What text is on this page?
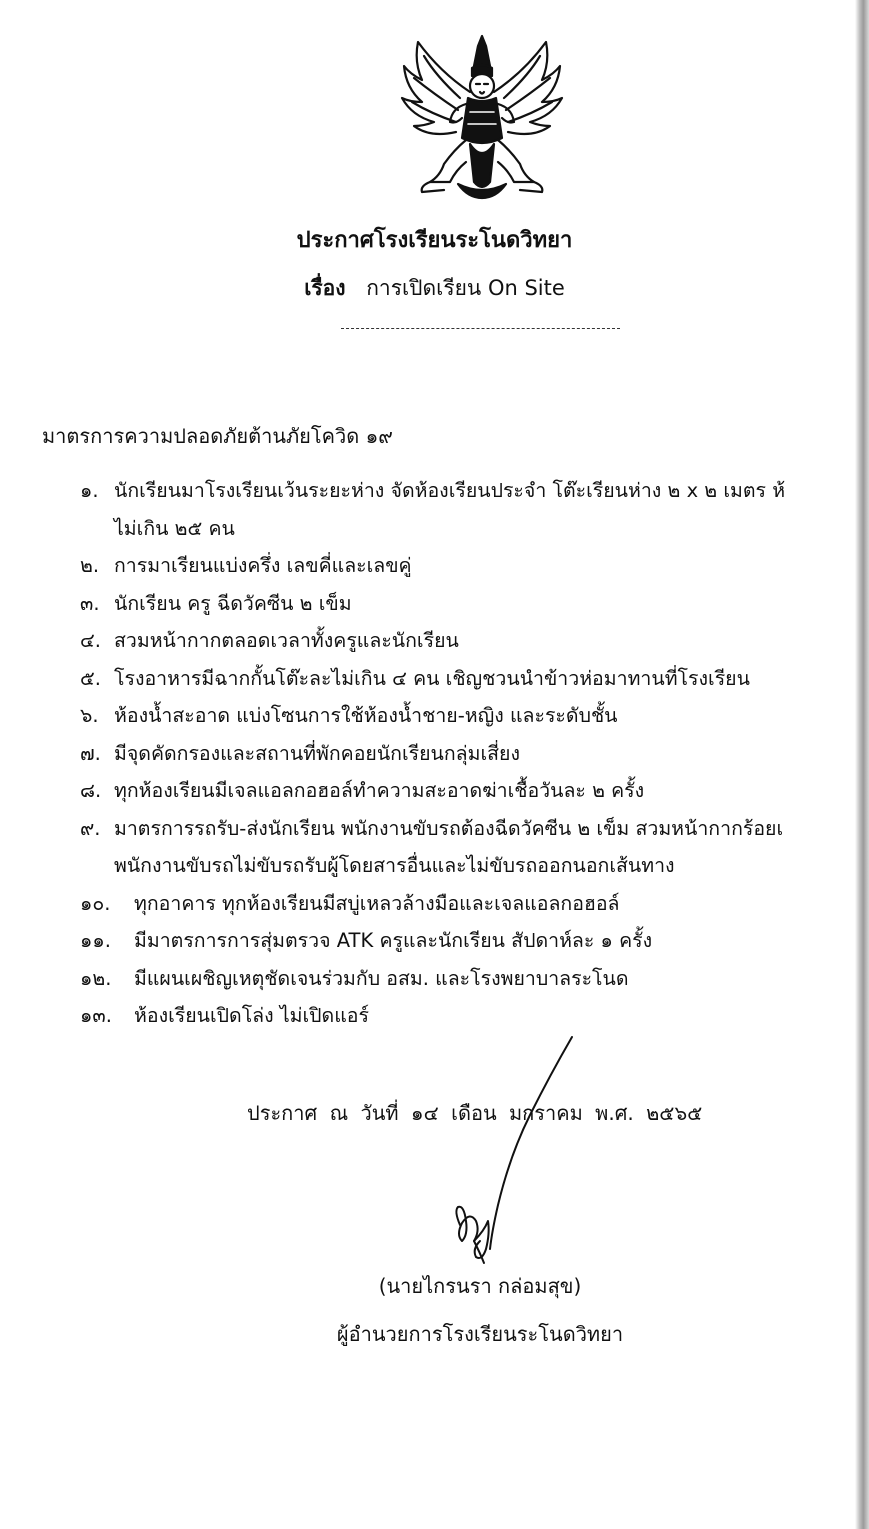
ประกาศโรงเรียนระโนดวิทยา
เรื่อง การเปิดเรียน On Site
มาตรการความปลอดภัยต้านภัยโควิด ๑๙
๑. นักเรียนมาโรงเรียนเว้นระยะห่าง จัดห้องเรียนประจำ โต๊ะเรียนห่าง ๒ x ๒ เมตร ห้
ไม่เกิน ๒๕ คน
๒. การมาเรียนแบ่งครึ่ง เลขคี่และเลขคู่
๓. นักเรียน ครู ฉีดวัคซีน ๒ เข็ม
๔. สวมหน้ากากตลอดเวลาทั้งครูและนักเรียน
๕. โรงอาหารมีฉากกั้นโต๊ะละไม่เกิน ๔ คน เชิญชวนนำข้าวห่อมาทานที่โรงเรียน
๖. ห้องน้ำสะอาด แบ่งโซนการใช้ห้องน้ำชาย-หญิง และระดับชั้น
๗. มีจุดคัดกรองและสถานที่พักคอยนักเรียนกลุ่มเสี่ยง
๘. ทุกห้องเรียนมีเจลแอลกอฮอล์ทำความสะอาดฆ่าเชื้อวันละ ๒ ครั้ง
๙. มาตรการรถรับ-ส่งนักเรียน พนักงานขับรถต้องฉีดวัคซีน ๒ เข็ม สวมหน้ากากร้อยเ
พนักงานขับรถไม่ขับรถรับผู้โดยสารอื่นและไม่ขับรถออกนอกเส้นทาง
๑๐.	ทุกอาคาร ทุกห้องเรียนมีสบู่เหลวล้างมือและเจลแอลกอฮอล์
๑๑.	มีมาตรการการสุ่มตรวจ ATK ครูและนักเรียน สัปดาห์ละ ๑ ครั้ง
๑๒.	มีแผนเผชิญเหตุชัดเจนร่วมกับ อสม. และโรงพยาบาลระโนด
๑๓.	ห้องเรียนเปิดโล่ง ไม่เปิดแอร์
ประกาศ ณ วันที่ ๑๔ เดือน มกราคม พ.ศ. ๒๕๖๕
(นายไกรนรา กล่อมสุข)
ผู้อำนวยการโรงเรียนระโนดวิทยา
